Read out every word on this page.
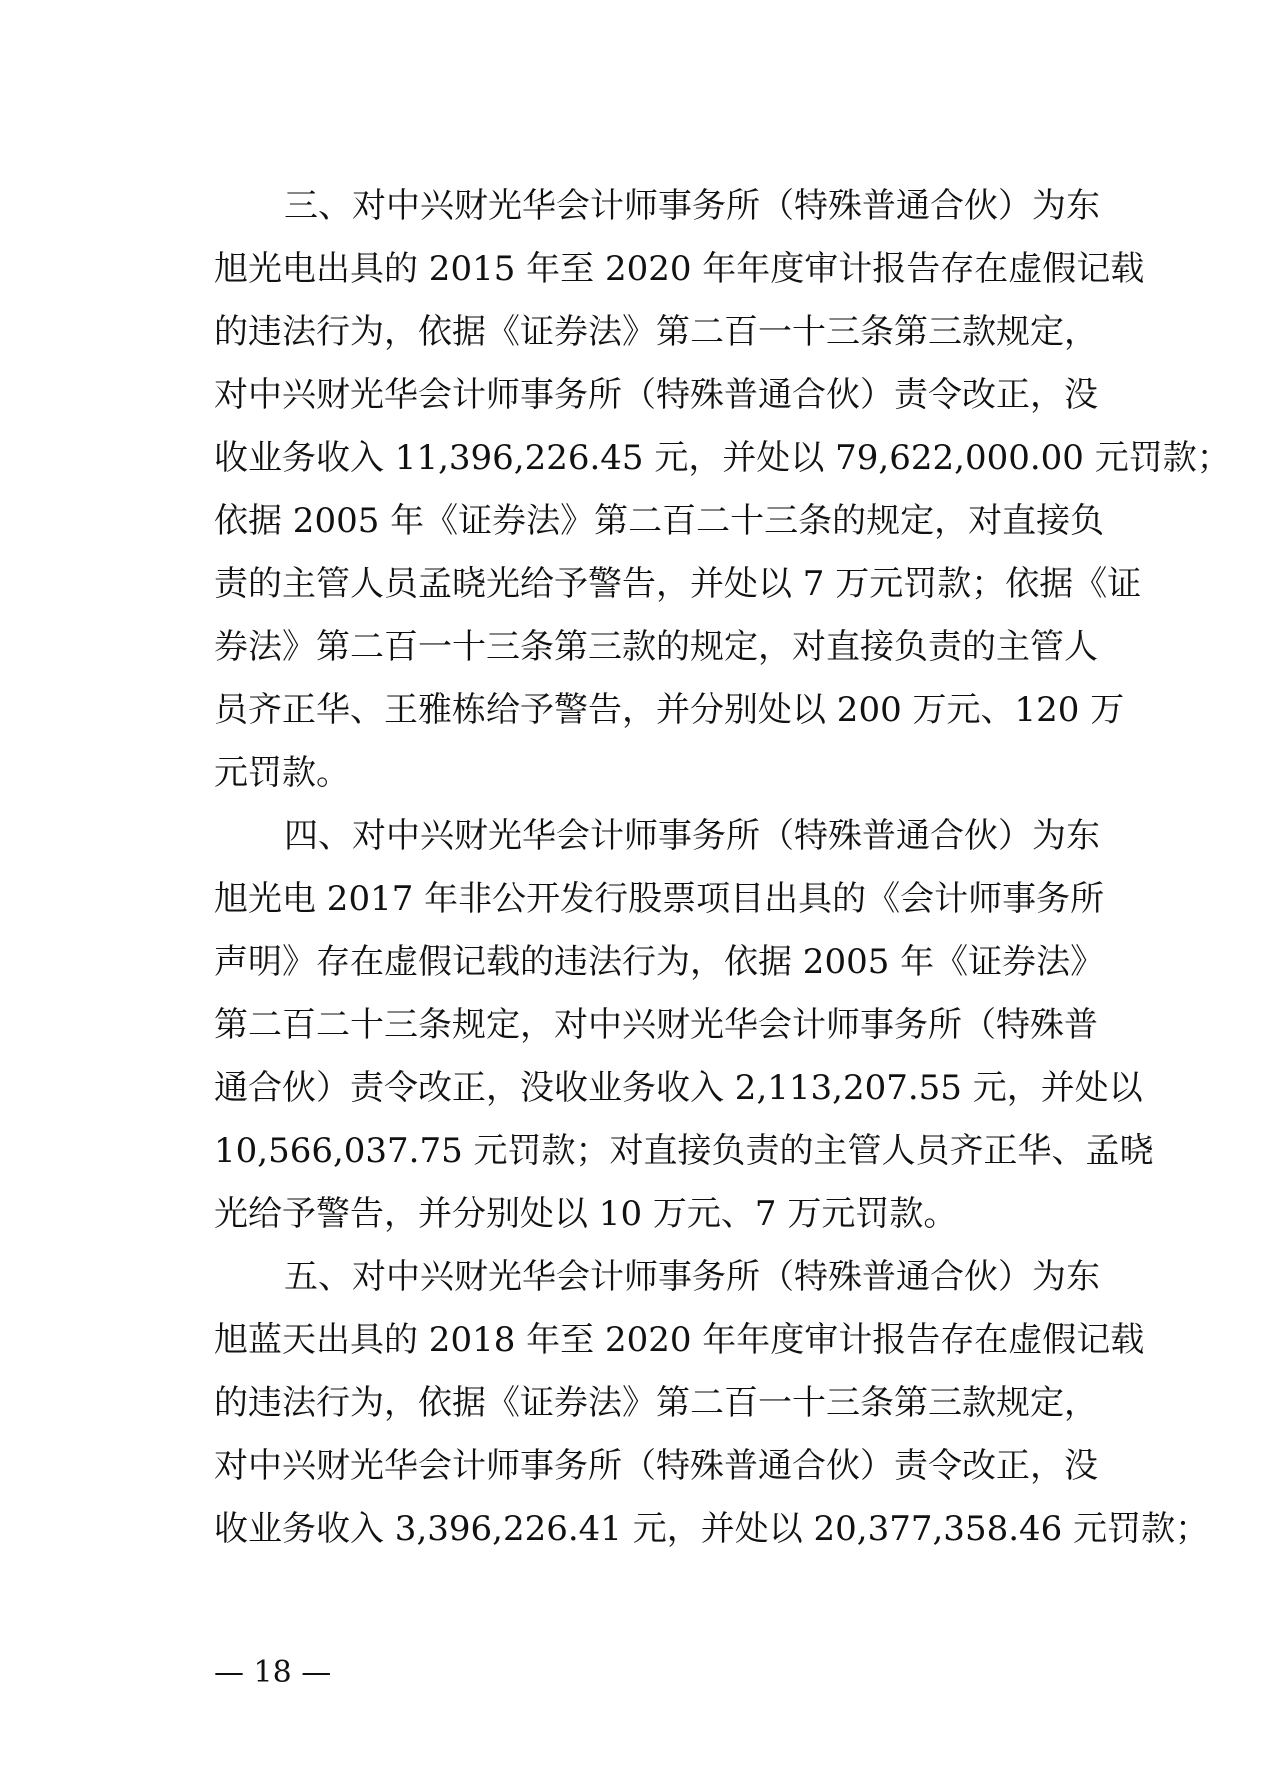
三、对中兴财光华会计师事务所（特殊普通合伙）为东
旭光电出具的 2015 年至 2020 年年度审计报告存在虚假记载
的违法行为，依据《证券法》第二百一十三条第三款规定，
对中兴财光华会计师事务所（特殊普通合伙）责令改正，没
收业务收入 11,396,226.45 元，并处以 79,622,000.00 元罚款；
依据 2005 年《证券法》第二百二十三条的规定，对直接负
责的主管人员孟晓光给予警告，并处以 7 万元罚款；依据《证
券法》第二百一十三条第三款的规定，对直接负责的主管人
员齐正华、王雅栋给予警告，并分别处以 200 万元、120 万
元罚款。
四、对中兴财光华会计师事务所（特殊普通合伙）为东
旭光电 2017 年非公开发行股票项目出具的《会计师事务所
声明》存在虚假记载的违法行为，依据 2005 年《证券法》
第二百二十三条规定，对中兴财光华会计师事务所（特殊普
通合伙）责令改正，没收业务收入 2,113,207.55 元，并处以
10,566,037.75 元罚款；对直接负责的主管人员齐正华、孟晓
光给予警告，并分别处以 10 万元、7 万元罚款。
五、对中兴财光华会计师事务所（特殊普通合伙）为东
旭蓝天出具的 2018 年至 2020 年年度审计报告存在虚假记载
的违法行为，依据《证券法》第二百一十三条第三款规定，
对中兴财光华会计师事务所（特殊普通合伙）责令改正，没
收业务收入 3,396,226.41 元，并处以 20,377,358.46 元罚款；
— 18 —
